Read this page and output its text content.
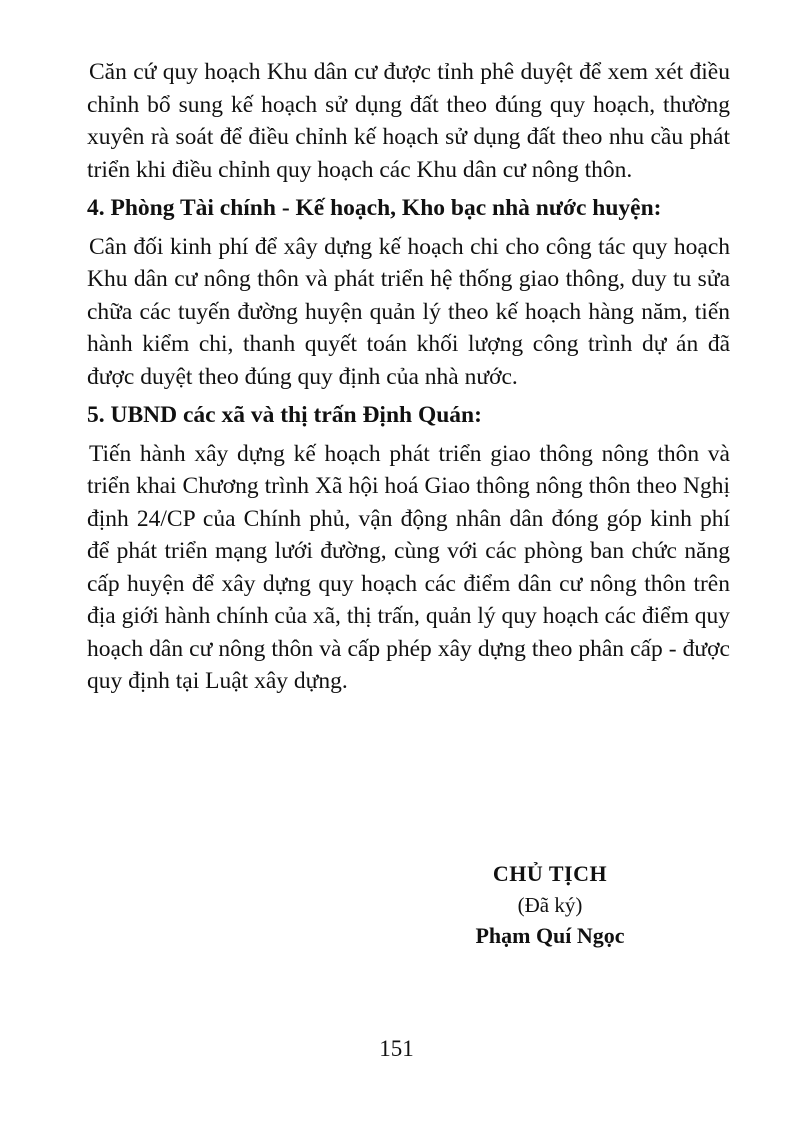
Căn cứ quy hoạch Khu dân cư được tỉnh phê duyệt để xem xét điều chỉnh bổ sung kế hoạch sử dụng đất theo đúng quy hoạch, thường xuyên rà soát để điều chỉnh kế hoạch sử dụng đất theo nhu cầu phát triển khi điều chỉnh quy hoạch các Khu dân cư nông thôn.

4. Phòng Tài chính - Kế hoạch, Kho bạc nhà nước huyện:

Cân đối kinh phí để xây dựng kế hoạch chi cho công tác quy hoạch Khu dân cư nông thôn và phát triển hệ thống giao thông, duy tu sửa chữa các tuyến đường huyện quản lý theo kế hoạch hàng năm, tiến hành kiểm chi, thanh quyết toán khối lượng công trình dự án đã được duyệt theo đúng quy định của nhà nước.

5. UBND các xã và thị trấn Định Quán:

Tiến hành xây dựng kế hoạch phát triển giao thông nông thôn và triển khai Chương trình Xã hội hoá Giao thông nông thôn theo Nghị định 24/CP của Chính phủ, vận động nhân dân đóng góp kinh phí để phát triển mạng lưới đường, cùng với các phòng ban chức năng cấp huyện để xây dựng quy hoạch các điểm dân cư nông thôn trên địa giới hành chính của xã, thị trấn, quản lý quy hoạch các điểm quy hoạch dân cư nông thôn và cấp phép xây dựng theo phân cấp - được quy định tại Luật xây dựng.

CHỦ TỊCH
(Đã ký)
Phạm Quí Ngọc
151
